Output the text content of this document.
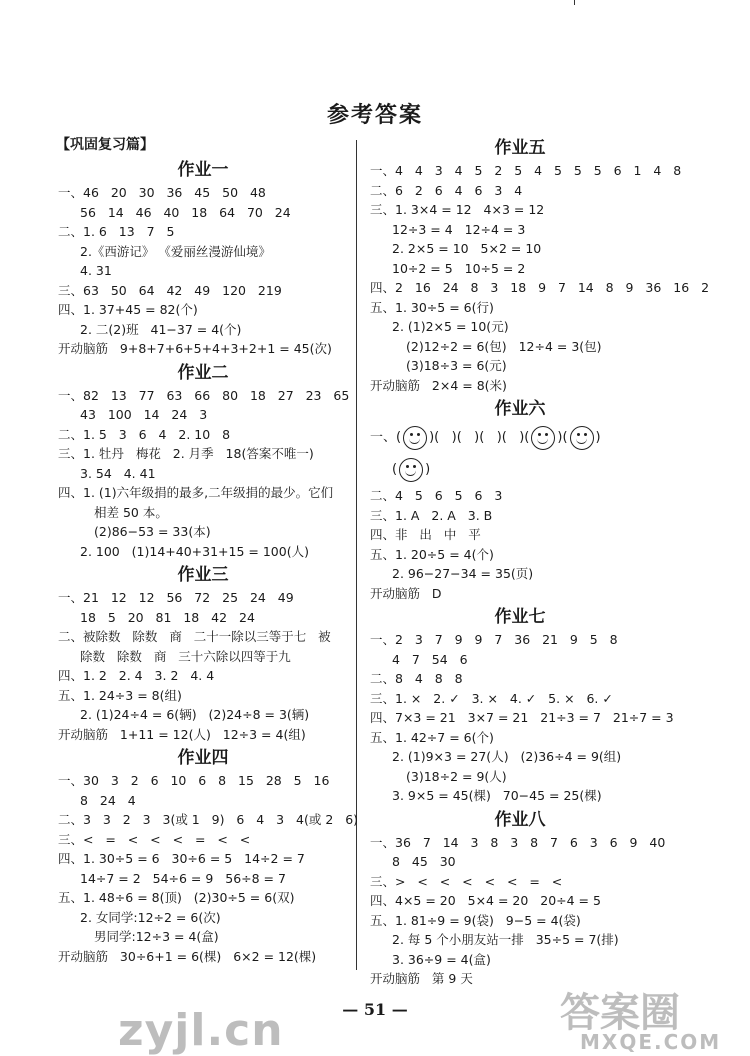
参考答案
【巩固复习篇】
作业一
一、46   20   30   36   45   50   48
56   14   46   40   18   64   70   24
二、1. 6   13   7   5
2.《西游记》 《爱丽丝漫游仙境》
4. 31
三、63   50   64   42   49   120   219
四、1. 37+45 = 82(个)
2. 二(2)班   41−37 = 4(个)
开动脑筋   9+8+7+6+5+4+3+2+1 = 45(次)
作业二
一、82   13   77   63   66   80   18   27   23   65
43   100   14   24   3
二、1. 5   3   6   4   2. 10   8
三、1. 牡丹   梅花   2. 月季   18(答案不唯一)
3. 54   4. 41
四、1. (1)六年级捐的最多,二年级捐的最少。它们
相差 50 本。
(2)86−53 = 33(本)
2. 100   (1)14+40+31+15 = 100(人)
作业三
一、21   12   12   56   72   25   24   49
18   5   20   81   18   42   24
二、被除数   除数   商   二十一除以三等于七   被
除数   除数   商   三十六除以四等于九
四、1. 2   2. 4   3. 2   4. 4
五、1. 24÷3 = 8(组)
2. (1)24÷4 = 6(辆)   (2)24÷8 = 3(辆)
开动脑筋   1+11 = 12(人)   12÷3 = 4(组)
作业四
一、30   3   2   6   10   6   8   15   28   5   16
8   24   4
二、3   3   2   3   3(或 1   9)   6   4   3   4(或 2   6)
三、<   =   <   <   <   =   <   <
四、1. 30÷5 = 6   30÷6 = 5   14÷2 = 7
14÷7 = 2   54÷6 = 9   56÷8 = 7
五、1. 48÷6 = 8(顶)   (2)30÷5 = 6(双)
2. 女同学:12÷2 = 6(次)
男同学:12÷3 = 4(盒)
开动脑筋   30÷6+1 = 6(棵)   6×2 = 12(棵)
作业五
一、4   4   3   4   5   2   5   4   5   5   5   6   1   4   8
二、6   2   6   4   6   3   4
三、1. 3×4 = 12   4×3 = 12
12÷3 = 4   12÷4 = 3
2. 2×5 = 10   5×2 = 10
10÷2 = 5   10÷5 = 2
四、2   16   24   8   3   18   9   7   14   8   9   36   16   2
五、1. 30÷5 = 6(行)
2. (1)2×5 = 10(元)
(2)12÷2 = 6(包)   12÷4 = 3(包)
(3)18÷3 = 6(元)
开动脑筋   2×4 = 8(米)
作业六
一、( )(   )(   )(   )(   )( )( )
( )
二、4   5   6   5   6   3
三、1. A   2. A   3. B
四、非   出   中   平
五、1. 20÷5 = 4(个)
2. 96−27−34 = 35(页)
开动脑筋   D
作业七
一、2   3   7   9   9   7   36   21   9   5   8
4   7   54   6
二、8   4   8   8
三、1. ×   2. ✓   3. ×   4. ✓   5. ×   6. ✓
四、7×3 = 21   3×7 = 21   21÷3 = 7   21÷7 = 3
五、1. 42÷7 = 6(个)
2. (1)9×3 = 27(人)   (2)36÷4 = 9(组)
(3)18÷2 = 9(人)
3. 9×5 = 45(棵)   70−45 = 25(棵)
作业八
一、36   7   14   3   8   3   8   7   6   3   6   9   40
8   45   30
三、>   <   <   <   <   <   =   <
四、4×5 = 20   5×4 = 20   20÷4 = 5
五、1. 81÷9 = 9(袋)   9−5 = 4(袋)
2. 每 5 个小朋友站一排   35÷5 = 7(排)
3. 36÷9 = 4(盒)
开动脑筋   第 9 天
— 51 —
zyjl.cn	答案圈
MXQE.COM
